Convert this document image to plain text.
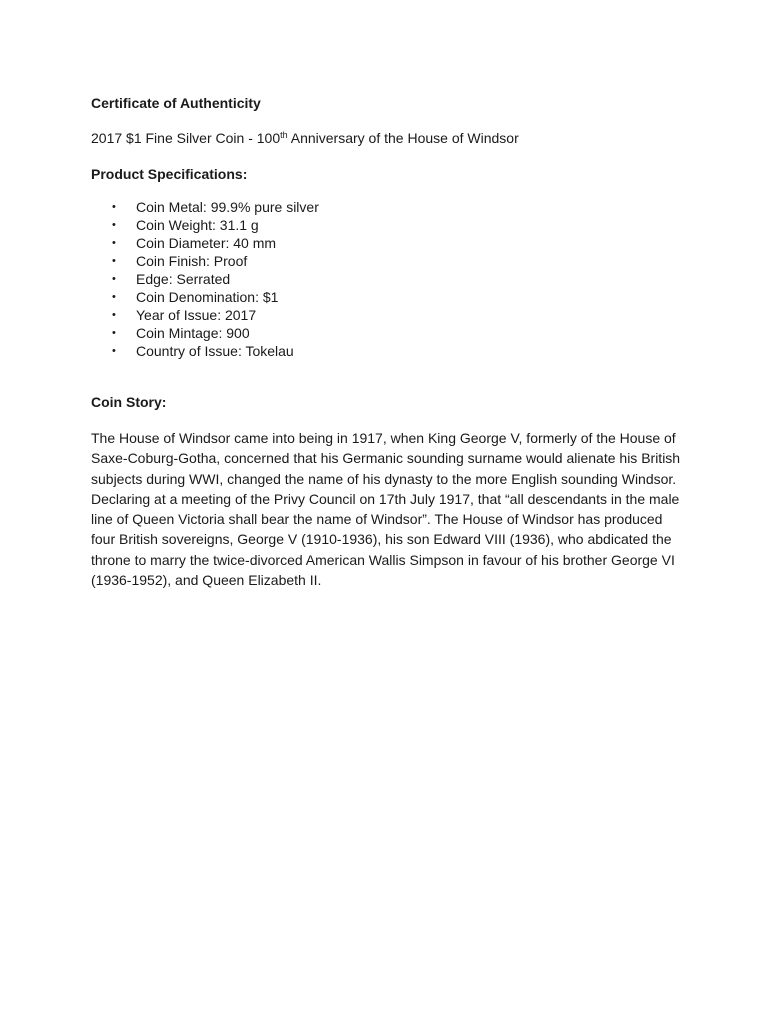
Certificate of Authenticity

2017 $1 Fine Silver Coin - 100th Anniversary of the House of Windsor

Product Specifications:

• Coin Metal: 99.9% pure silver
• Coin Weight: 31.1 g
• Coin Diameter: 40 mm
• Coin Finish: Proof
• Edge: Serrated
• Coin Denomination: $1
• Year of Issue: 2017
• Coin Mintage: 900
• Country of Issue: Tokelau

Coin Story:

The House of Windsor came into being in 1917, when King George V, formerly of the House of Saxe-Coburg-Gotha, concerned that his Germanic sounding surname would alienate his British subjects during WWI, changed the name of his dynasty to the more English sounding Windsor. Declaring at a meeting of the Privy Council on 17th July 1917, that “all descendants in the male line of Queen Victoria shall bear the name of Windsor”. The House of Windsor has produced four British sovereigns, George V (1910-1936), his son Edward VIII (1936), who abdicated the throne to marry the twice-divorced American Wallis Simpson in favour of his brother George VI (1936-1952), and Queen Elizabeth II.
